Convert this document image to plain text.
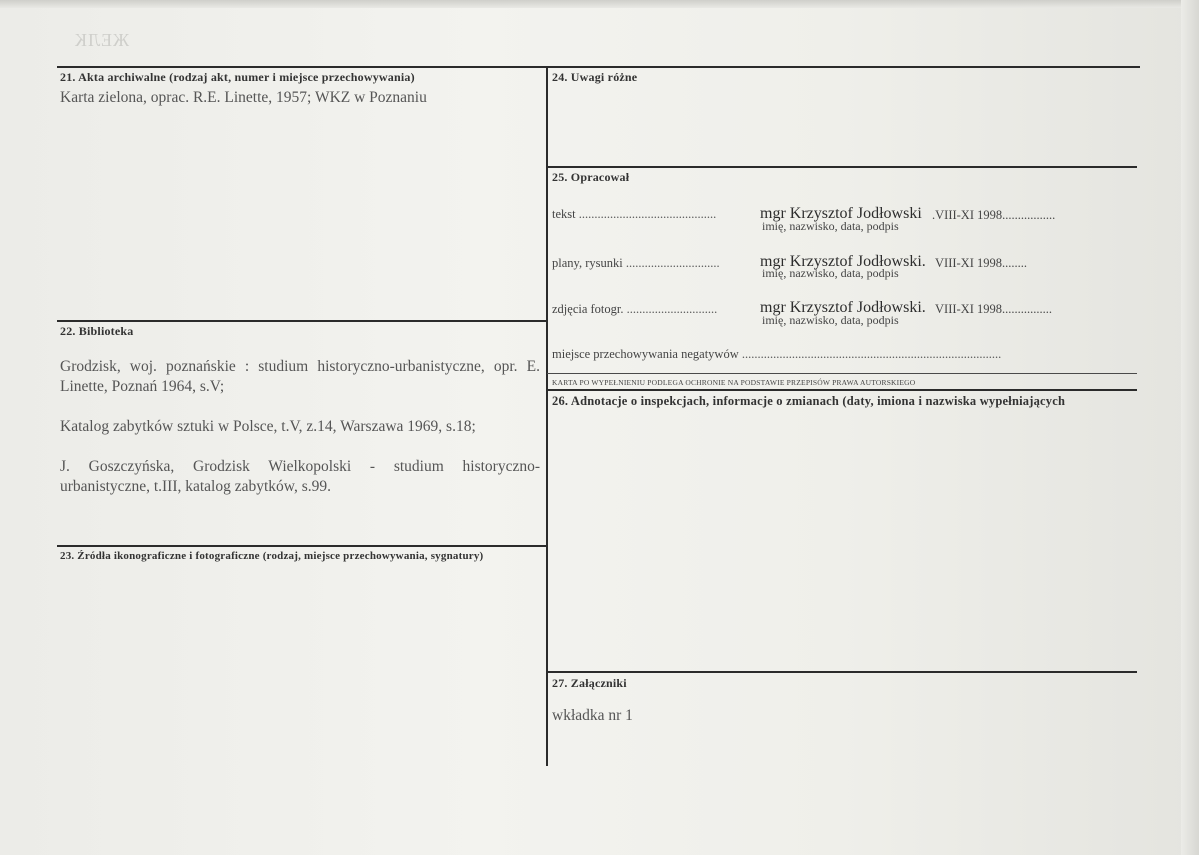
ЖЕЛК
21. Akta archiwalne (rodzaj akt, numer i miejsce przechowywania)
Karta zielona, oprac. R.E. Linette, 1957; WKZ w Poznaniu
22. Biblioteka
Grodzisk, woj. poznańskie : studium historyczno-urbanistyczne, opr. E. Linette, Poznań 1964, s.V;
Katalog zabytków sztuki w Polsce, t.V, z.14, Warszawa 1969, s.18;
J. Goszczyńska, Grodzisk Wielkopolski - studium historyczno-urbanistyczne, t.III, katalog zabytków, s.99.
23. Źródła ikonograficzne i fotograficzne (rodzaj, miejsce przechowywania, sygnatury)
24. Uwagi różne
25. Opracował
tekst ............................................	mgr Krzysztof Jodłowski .VIII-XI 1998.................
imię, nazwisko, data, podpis
plany, rysunki ..............................	mgr Krzysztof Jodłowski. VIII-XI 1998........
imię, nazwisko, data, podpis
zdjęcia fotogr. .............................	mgr Krzysztof Jodłowski. VIII-XI 1998................
imię, nazwisko, data, podpis
miejsce przechowywania negatywów ...................................................................................
KARTA PO WYPEŁNIENIU PODLEGA OCHRONIE NA PODSTAWIE PRZEPISÓW PRAWA AUTORSKIEGO
26. Adnotacje o inspekcjach, informacje o zmianach (daty, imiona i nazwiska wypełniających
27. Załączniki
wkładka nr 1
